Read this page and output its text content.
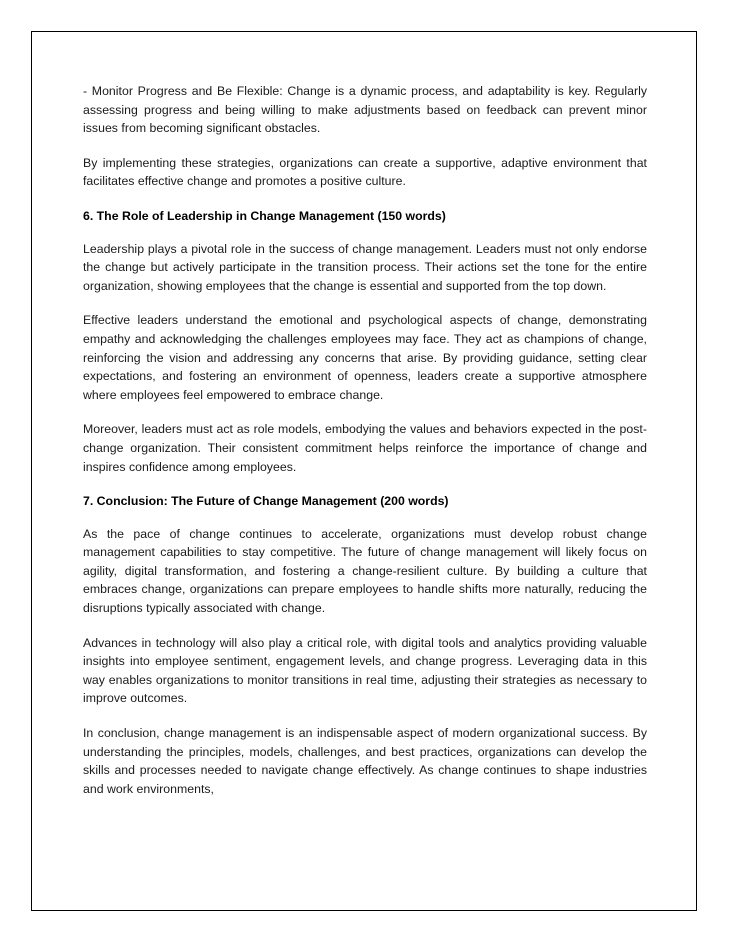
- Monitor Progress and Be Flexible: Change is a dynamic process, and adaptability is key. Regularly assessing progress and being willing to make adjustments based on feedback can prevent minor issues from becoming significant obstacles.

By implementing these strategies, organizations can create a supportive, adaptive environment that facilitates effective change and promotes a positive culture.

6. The Role of Leadership in Change Management (150 words)

Leadership plays a pivotal role in the success of change management. Leaders must not only endorse the change but actively participate in the transition process. Their actions set the tone for the entire organization, showing employees that the change is essential and supported from the top down.

Effective leaders understand the emotional and psychological aspects of change, demonstrating empathy and acknowledging the challenges employees may face. They act as champions of change, reinforcing the vision and addressing any concerns that arise. By providing guidance, setting clear expectations, and fostering an environment of openness, leaders create a supportive atmosphere where employees feel empowered to embrace change.

Moreover, leaders must act as role models, embodying the values and behaviors expected in the post-change organization. Their consistent commitment helps reinforce the importance of change and inspires confidence among employees.

7. Conclusion: The Future of Change Management (200 words)

As the pace of change continues to accelerate, organizations must develop robust change management capabilities to stay competitive. The future of change management will likely focus on agility, digital transformation, and fostering a change-resilient culture. By building a culture that embraces change, organizations can prepare employees to handle shifts more naturally, reducing the disruptions typically associated with change.

Advances in technology will also play a critical role, with digital tools and analytics providing valuable insights into employee sentiment, engagement levels, and change progress. Leveraging data in this way enables organizations to monitor transitions in real time, adjusting their strategies as necessary to improve outcomes.

In conclusion, change management is an indispensable aspect of modern organizational success. By understanding the principles, models, challenges, and best practices, organizations can develop the skills and processes needed to navigate change effectively. As change continues to shape industries and work environments,
